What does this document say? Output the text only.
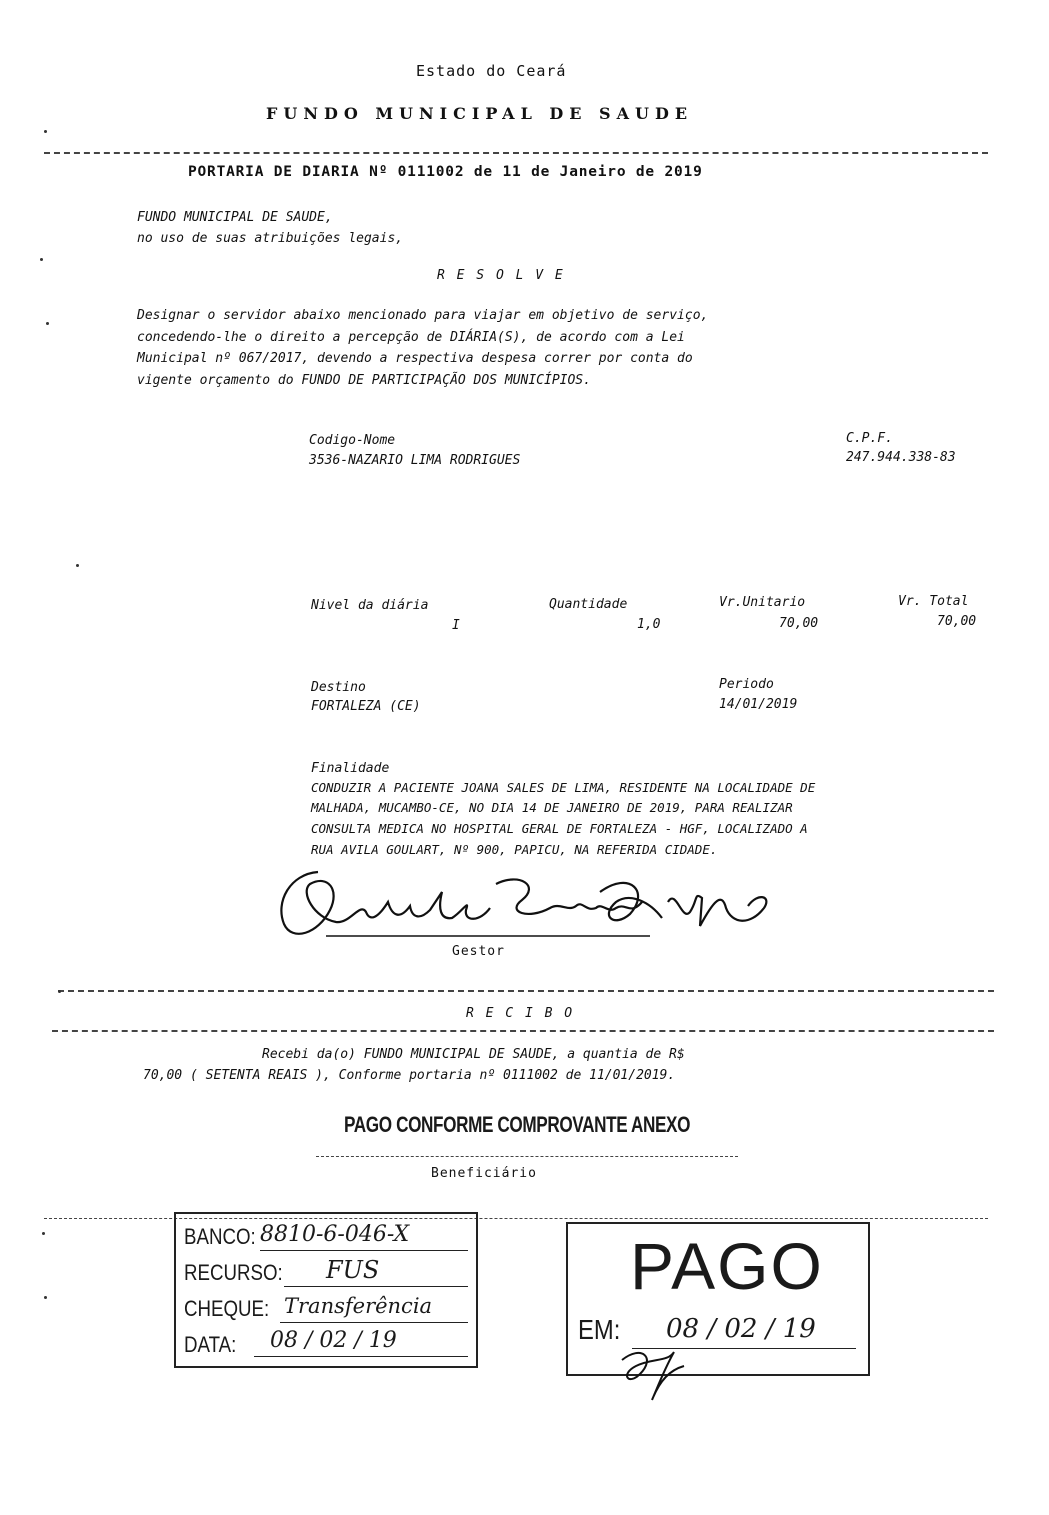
Estado do Ceará
FUNDO MUNICIPAL DE SAUDE
PORTARIA DE DIARIA Nº 0111002 de 11 de Janeiro de 2019
FUNDO MUNICIPAL DE SAUDE,
no uso de suas atribuições legais,
R E S O L V E
Designar o servidor abaixo mencionado para viajar em objetivo de serviço,
concedendo-lhe o direito a percepção de DIÁRIA(S), de acordo com a Lei
Municipal nº 067/2017, devendo a respectiva despesa correr por conta do
vigente orçamento do FUNDO DE PARTICIPAÇÃO DOS MUNICÍPIOS.
Codigo-Nome
3536-NAZARIO LIMA RODRIGUES
C.P.F.
247.944.338-83
Nivel da diária
I
Quantidade
1,0
Vr.Unitario
70,00
Vr. Total
70,00
Destino
FORTALEZA (CE)
Periodo
14/01/2019
Finalidade
CONDUZIR A PACIENTE JOANA SALES DE LIMA, RESIDENTE NA LOCALIDADE DE
MALHADA, MUCAMBO-CE, NO DIA 14 DE JANEIRO DE 2019, PARA REALIZAR
CONSULTA MEDICA NO HOSPITAL GERAL DE FORTALEZA - HGF, LOCALIZADO A
RUA AVILA GOULART, Nº 900, PAPICU, NA REFERIDA CIDADE.
Gestor
R E C I B O
Recebi da(o) FUNDO MUNICIPAL DE SAUDE, a quantia de R$
70,00 ( SETENTA REAIS ), Conforme portaria nº 0111002 de 11/01/2019.
PAGO CONFORME COMPROVANTE ANEXO
Beneficiário
BANCO: 8810-6-046-X
RECURSO: FUS
CHEQUE: Transferência
DATA: 08 / 02 / 19
PAGO
EM: 08 / 02 / 19
